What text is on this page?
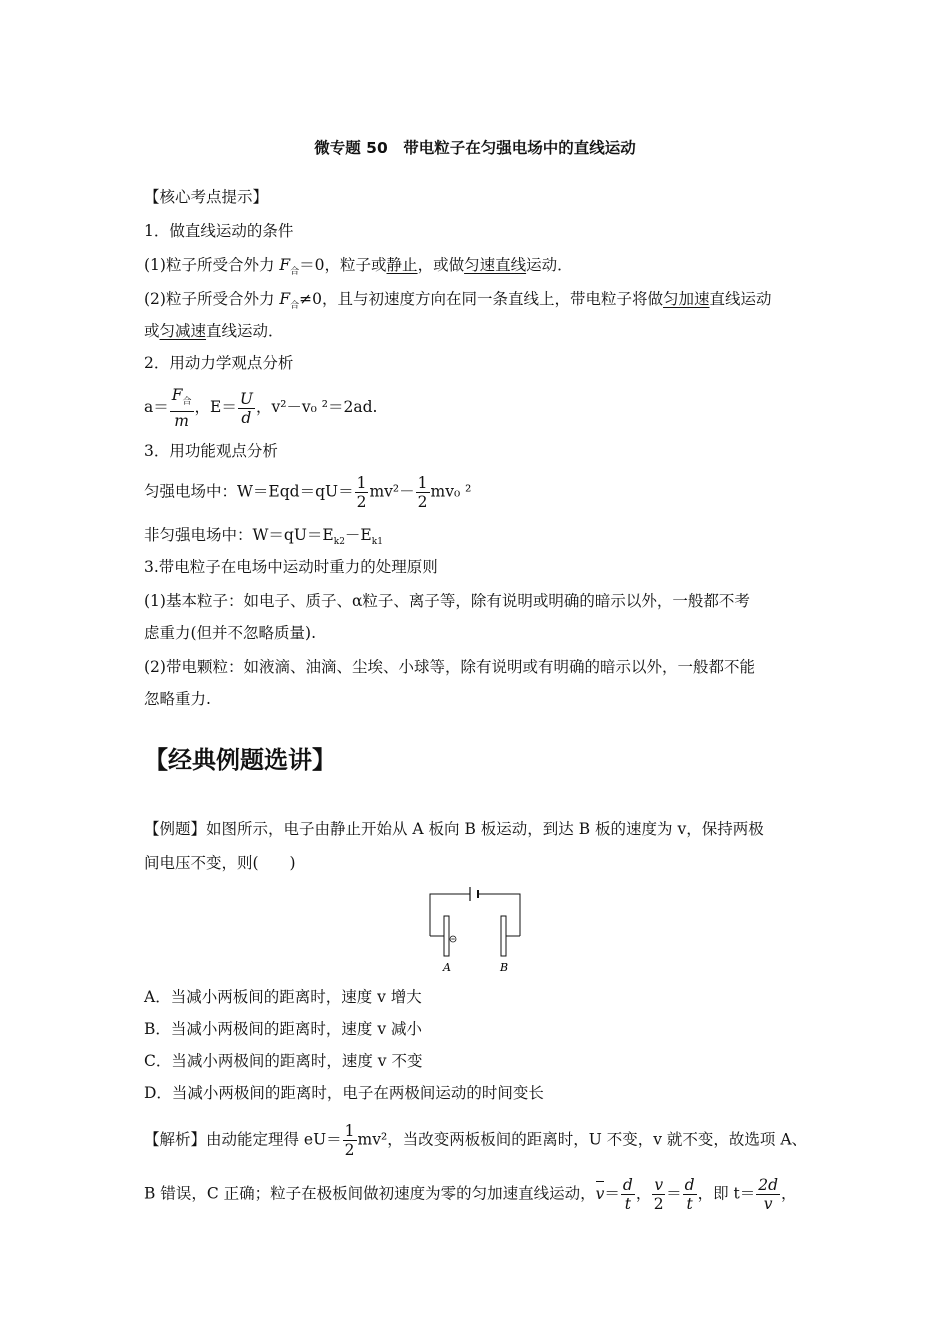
微专题 50　带电粒子在匀强电场中的直线运动
【核心考点提示】
1．做直线运动的条件
(1)粒子所受合外力 $F_合=0$，粒子或静止，或做匀速直线运动．
(2)粒子所受合外力 $F_合\ne 0$，且与初速度方向在同一条直线上，带电粒子将做匀加速直线运动
或匀减速直线运动．
2．用动力学观点分析
$a= \frac{F_合}{m}$ ，$E= \frac{U}{d}$ ，v²－v₀ ²＝2ad.
3．用功能观点分析
匀强电场中：$W=Eqd=qU= \frac{1}{2} mv^2- \frac{1}{2} mv_0$ ²
非匀强电场中：$W=qU=E_{k2}-E_{k1}$
3.带电粒子在电场中运动时重力的处理原则
(1)基本粒子：如电子、质子、α粒子、离子等，除有说明或明确的暗示以外，一般都不考
虑重力(但并不忽略质量).
(2)带电颗粒：如液滴、油滴、尘埃、小球等，除有说明或有明确的暗示以外，一般都不能
忽略重力.
【经典例题选讲】
【例题】如图所示，电子由静止开始从 A 板向 B 板运动，到达 B 板的速度为 v，保持两极
间电压不变，则(　　)
A	B
A．当减小两板间的距离时，速度 v 增大
B．当减小两极间的距离时，速度 v 减小
C．当减小两极间的距离时，速度 v 不变
D．当减小两极间的距离时，电子在两极间运动的时间变长
【解析】由动能定理得 $eU= \frac{1}{2} mv^2$，当改变两板板间的距离时，U 不变，v 就不变，故选项 A、
B 错误，C 正确；粒子在极板间做初速度为零的匀加速直线运动，$v= \frac{d}{t}$ ， $\frac{v}{2} = \frac{d}{t}$ ，即 $t= \frac{2d}{v}$ ，
